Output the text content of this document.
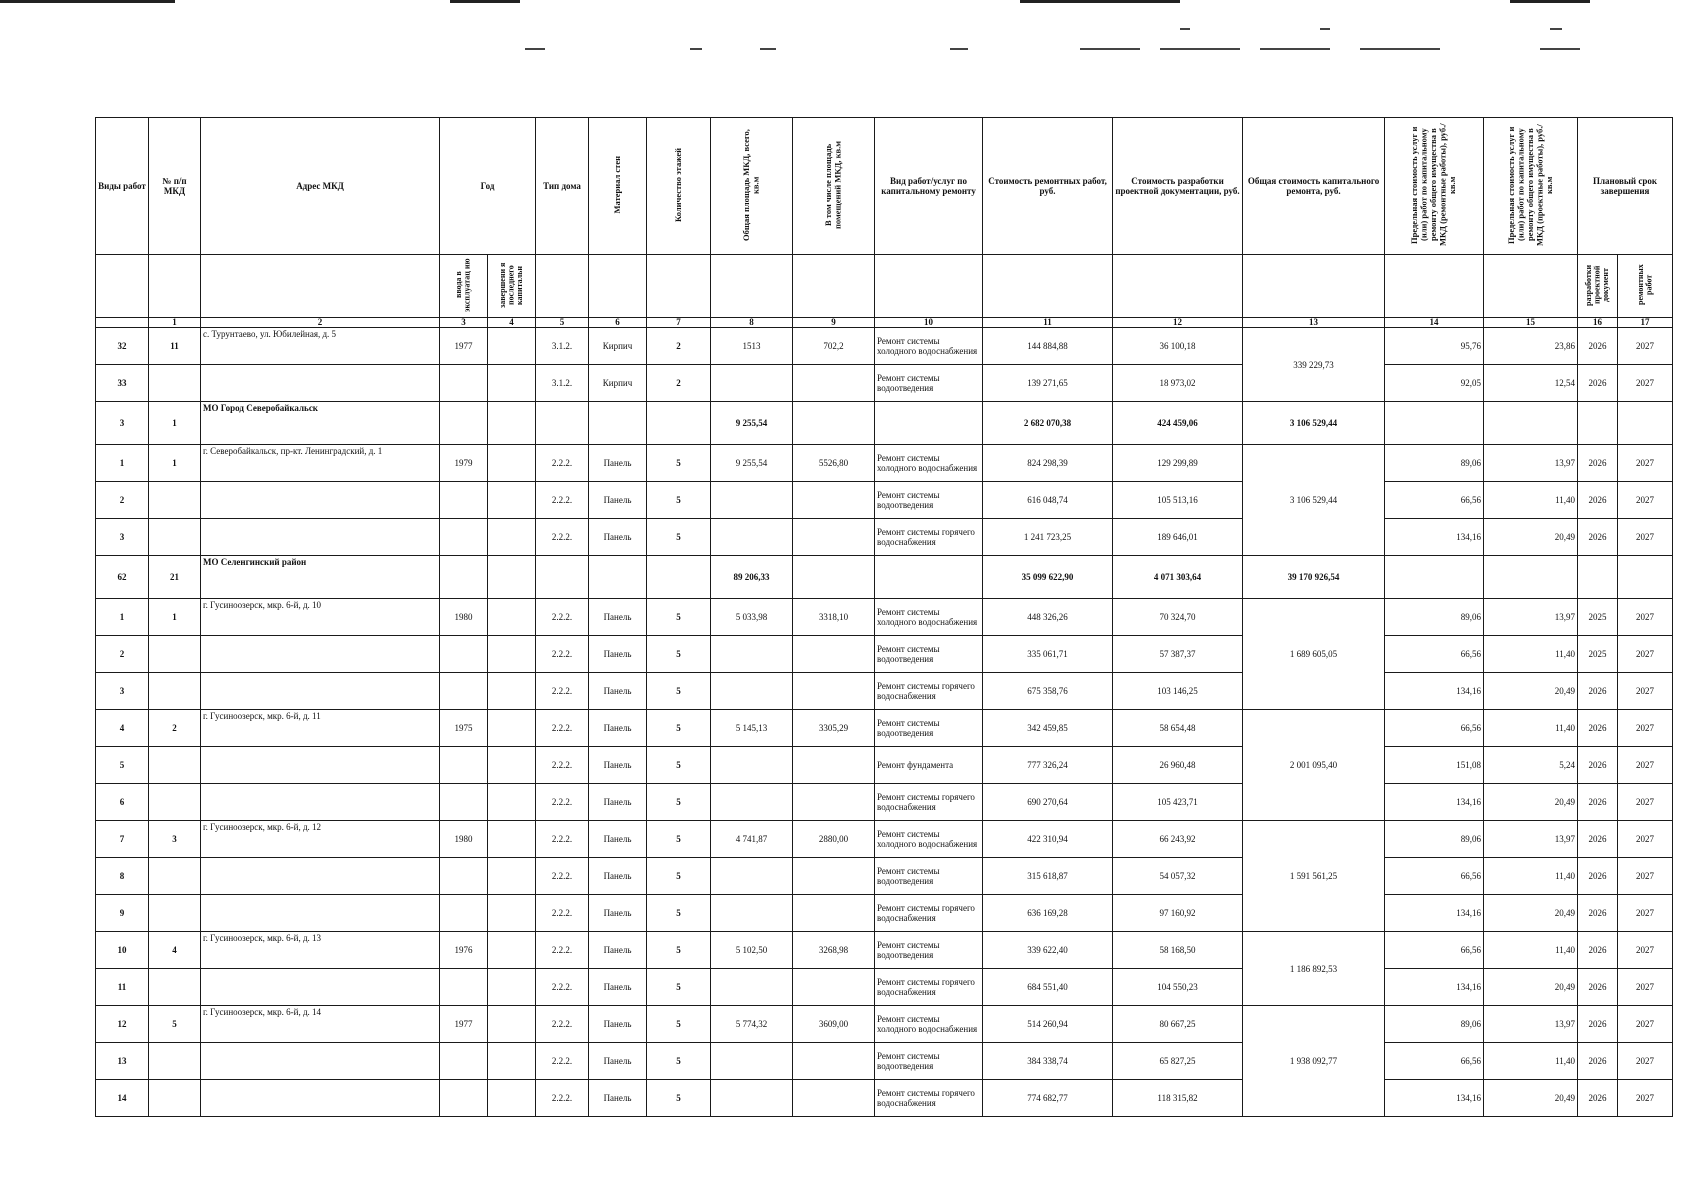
Виды работ	№ п/п МКД	Адрес МКД	Год		Тип дома	Материал стен	Количество этажей	Общая площадь МКД, всего, кв.м	В том числе площадь помещений МКД, кв.м	Вид работ/услуг по капитальному ремонту	Стоимость ремонтных работ, руб.	Стоимость разработки проектной документации, руб.	Общая стоимость капитального ремонта, руб.	Предельная стоимость услуг и (или) работ по капитальному ремонту общего имущества в МКД (ремонтные работы), руб./кв.м	Предельная стоимость услуг и (или) работ по капитальному ремонту общего имущества в МКД (проектные работы), руб./кв.м	Плановый срок завершения	
			ввода в эксплуатац ию	завершени я последнего капитальн												разработки проектной документ	ремонтных работ
	1	2	3	4	5	6	7	8	9	10	11	12	13	14	15	16	17
32	11	с. Турунтаево, ул. Юбилейная, д. 5	1977		3.1.2.	Кирпич	2	1513	702,2	Ремонт системы холодного водоснабжения	144 884,88	36 100,18	339 229,73	95,76	23,86	2026	2027
33					3.1.2.	Кирпич	2			Ремонт системы водоотведения	139 271,65	18 973,02		92,05	12,54	2026	2027
3	1	МО Город Северобайкальск						9 255,54			2 682 070,38	424 459,06	3 106 529,44				
1	1	г. Северобайкальск, пр-кт. Ленинградский, д. 1	1979		2.2.2.	Панель	5	9 255,54	5526,80	Ремонт системы холодного водоснабжения	824 298,39	129 299,89	3 106 529,44	89,06	13,97	2026	2027
2					2.2.2.	Панель	5			Ремонт системы водоотведения	616 048,74	105 513,16		66,56	11,40	2026	2027
3					2.2.2.	Панель	5			Ремонт системы горячего водоснабжения	1 241 723,25	189 646,01		134,16	20,49	2026	2027
62	21	МО Селенгинский район						89 206,33			35 099 622,90	4 071 303,64	39 170 926,54				
1	1	г. Гусиноозерск, мкр. 6-й, д. 10	1980		2.2.2.	Панель	5	5 033,98	3318,10	Ремонт системы холодного водоснабжения	448 326,26	70 324,70	1 689 605,05	89,06	13,97	2025	2027
2					2.2.2.	Панель	5			Ремонт системы водоотведения	335 061,71	57 387,37		66,56	11,40	2025	2027
3					2.2.2.	Панель	5			Ремонт системы горячего водоснабжения	675 358,76	103 146,25		134,16	20,49	2026	2027
4	2	г. Гусиноозерск, мкр. 6-й, д. 11	1975		2.2.2.	Панель	5	5 145,13	3305,29	Ремонт системы водоотведения	342 459,85	58 654,48	2 001 095,40	66,56	11,40	2026	2027
5					2.2.2.	Панель	5			Ремонт фундамента	777 326,24	26 960,48		151,08	5,24	2026	2027
6					2.2.2.	Панель	5			Ремонт системы горячего водоснабжения	690 270,64	105 423,71		134,16	20,49	2026	2027
7	3	г. Гусиноозерск, мкр. 6-й, д. 12	1980		2.2.2.	Панель	5	4 741,87	2880,00	Ремонт системы холодного водоснабжения	422 310,94	66 243,92	1 591 561,25	89,06	13,97	2026	2027
8					2.2.2.	Панель	5			Ремонт системы водоотведения	315 618,87	54 057,32		66,56	11,40	2026	2027
9					2.2.2.	Панель	5			Ремонт системы горячего водоснабжения	636 169,28	97 160,92		134,16	20,49	2026	2027
10	4	г. Гусиноозерск, мкр. 6-й, д. 13	1976		2.2.2.	Панель	5	5 102,50	3268,98	Ремонт системы водоотведения	339 622,40	58 168,50	1 186 892,53	66,56	11,40	2026	2027
11					2.2.2.	Панель	5			Ремонт системы горячего водоснабжения	684 551,40	104 550,23		134,16	20,49	2026	2027
12	5	г. Гусиноозерск, мкр. 6-й, д. 14	1977		2.2.2.	Панель	5	5 774,32	3609,00	Ремонт системы холодного водоснабжения	514 260,94	80 667,25	1 938 092,77	89,06	13,97	2026	2027
13					2.2.2.	Панель	5			Ремонт системы водоотведения	384 338,74	65 827,25		66,56	11,40	2026	2027
14					2.2.2.	Панель	5			Ремонт системы горячего водоснабжения	774 682,77	118 315,82		134,16	20,49	2026	2027
